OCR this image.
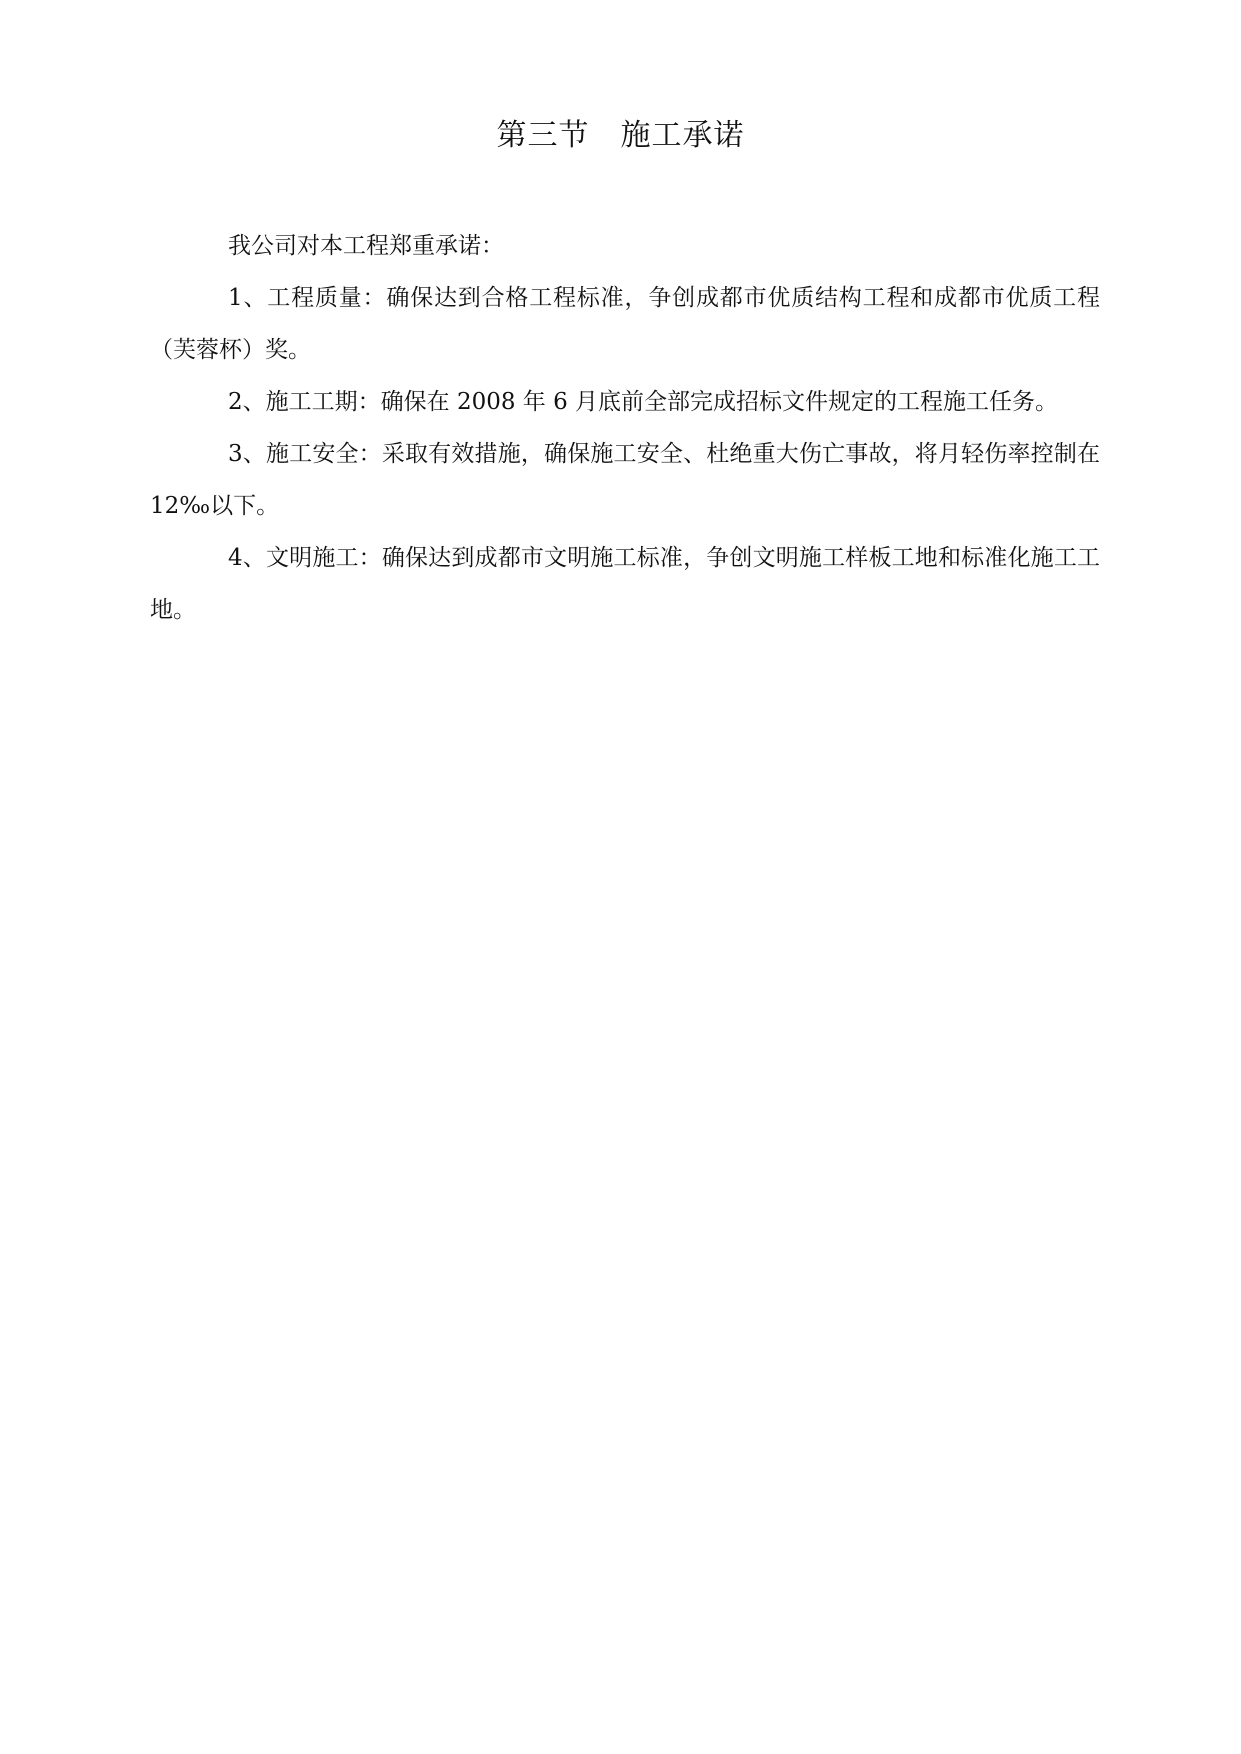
第三节　施工承诺

我公司对本工程郑重承诺：

1、工程质量：确保达到合格工程标准，争创成都市优质结构工程和成都市优质工程（芙蓉杯）奖。

2、施工工期：确保在 2008 年 6 月底前全部完成招标文件规定的工程施工任务。

3、施工安全：采取有效措施，确保施工安全、杜绝重大伤亡事故，将月轻伤率控制在 12‰以下。

4、文明施工：确保达到成都市文明施工标准，争创文明施工样板工地和标准化施工工地。
